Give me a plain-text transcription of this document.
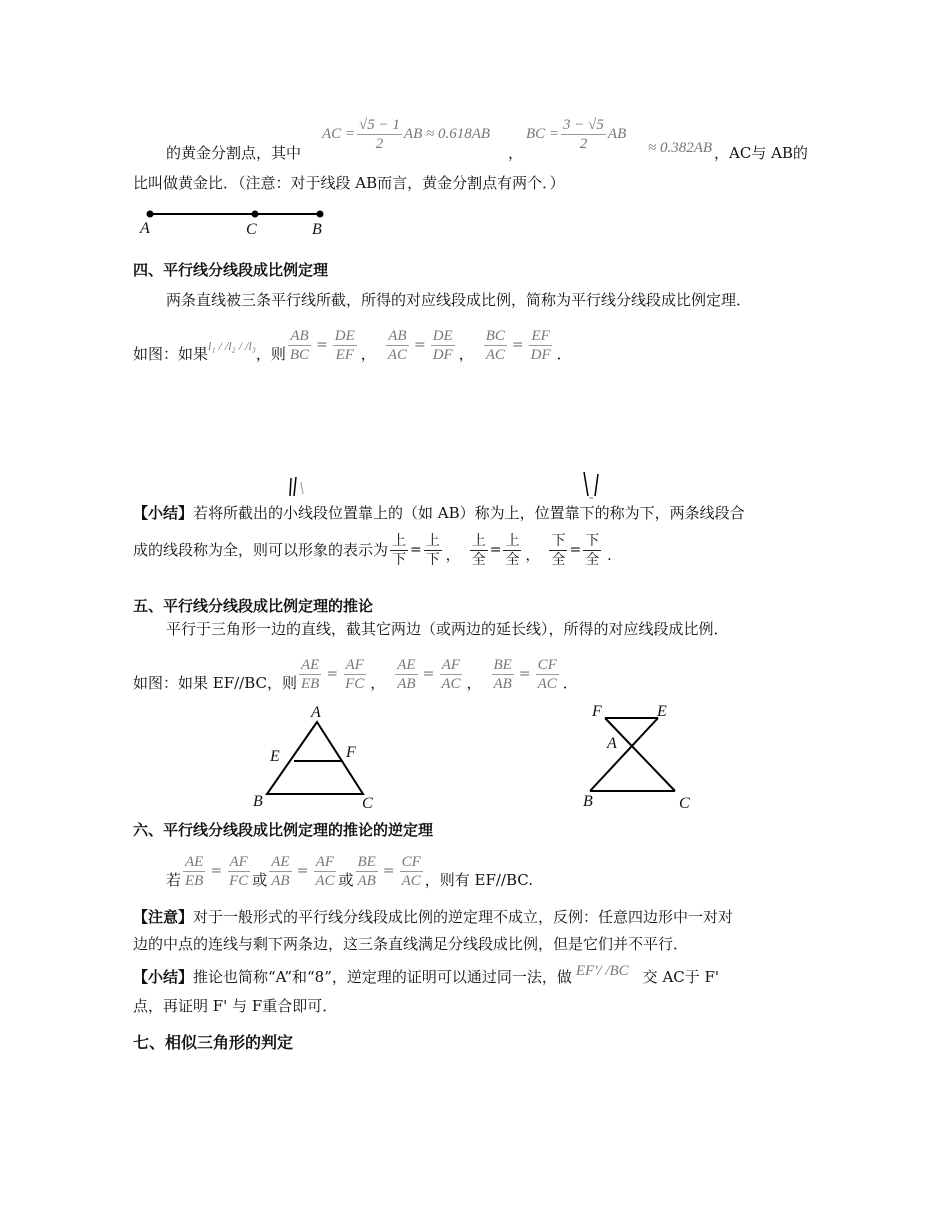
的黄金分割点，其中
AC = $\frac{√5 - 1}{2}$ AB ≈ 0.618AB
，
BC = $\frac{3 - √5}{2}$ AB
≈ 0.382AB ，AC与 AB的
比叫做黄金比．（注意：对于线段 AB而言，黄金分割点有两个．）
A	C	B
四、平行线分线段成比例定理
两条直线被三条平行线所截，所得的对应线段成比例，简称为平行线分线段成比例定理．
如图：如果 l₁ / /l₂ / /l₃ ，则 $\frac{AB}{BC} = \frac{DE}{EF}$ ， $\frac{AB}{AC} = \frac{DE}{DF}$ ， $\frac{BC}{AC} = \frac{EF}{DF}$ ．
【小结】若将所截出的小线段位置靠上的（如 AB）称为上，位置靠下的称为下，两条线段合
成的线段称为全，则可以形象的表示为 $\frac{\text{上}}{\text{下}} = \frac{\text{上}}{\text{下}}$ ， $\frac{\text{上}}{\text{全}} = \frac{\text{上}}{\text{全}}$ ， $\frac{\text{下}}{\text{全}} = \frac{\text{下}}{\text{全}}$ ．
五、平行线分线段成比例定理的推论
平行于三角形一边的直线，截其它两边（或两边的延长线），所得的对应线段成比例．
如图：如果 EF//BC，则 $\frac{AE}{EB} = \frac{AF}{FC}$ ， $\frac{AE}{AB} = \frac{AF}{AC}$ ， $\frac{BE}{AB} = \frac{CF}{AC}$ ．
A
E	F
B	C
F	E
A
B	C
六、平行线分线段成比例定理的推论的逆定理
若 $\frac{AE}{EB} = \frac{AF}{FC}$ 或 $\frac{AE}{AB} = \frac{AF}{AC}$ 或 $\frac{BE}{AB} = \frac{CF}{AC}$ ，则有 EF//BC.
【注意】对于一般形式的平行线分线段成比例的逆定理不成立，反例：任意四边形中一对对
边的中点的连线与剩下两条边，这三条直线满足分线段成比例，但是它们并不平行．
【小结】 推论也简称“A”和“8”，逆定理的证明可以通过同一法，做 EF'/ /BC 交 AC于 F'
点，再证明 F' 与 F重合即可．
七、相似三角形的判定
